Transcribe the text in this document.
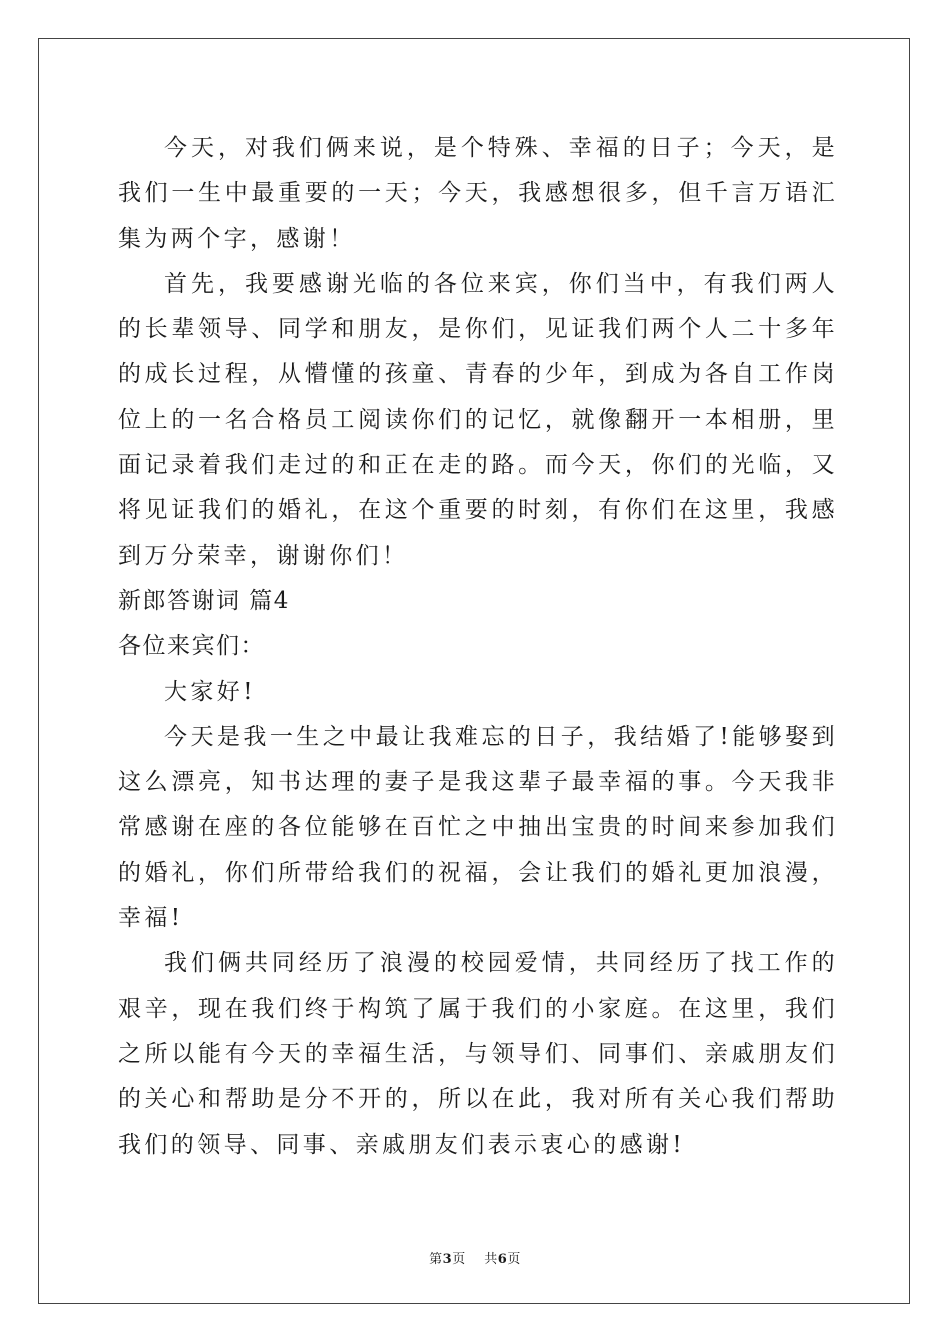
今天，对我们俩来说，是个特殊、幸福的日子；今天，是我们一生中最重要的一天；今天，我感想很多，但千言万语汇集为两个字，感谢！

首先，我要感谢光临的各位来宾，你们当中，有我们两人的长辈领导、同学和朋友，是你们，见证我们两个人二十多年的成长过程，从懵懂的孩童、青春的少年，到成为各自工作岗位上的一名合格员工阅读你们的记忆，就像翻开一本相册，里面记录着我们走过的和正在走的路。而今天，你们的光临，又将见证我们的婚礼，在这个重要的时刻，有你们在这里，我感到万分荣幸，谢谢你们！

新郎答谢词 篇4

各位来宾们：

大家好!

今天是我一生之中最让我难忘的日子，我结婚了!能够娶到这么漂亮，知书达理的妻子是我这辈子最幸福的事。今天我非常感谢在座的各位能够在百忙之中抽出宝贵的时间来参加我们的婚礼，你们所带给我们的祝福，会让我们的婚礼更加浪漫，幸福!

我们俩共同经历了浪漫的校园爱情，共同经历了找工作的艰辛，现在我们终于构筑了属于我们的小家庭。在这里，我们之所以能有今天的幸福生活，与领导们、同事们、亲戚朋友们的关心和帮助是分不开的，所以在此，我对所有关心我们帮助我们的领导、同事、亲戚朋友们表示衷心的感谢!

第3页 共6页
